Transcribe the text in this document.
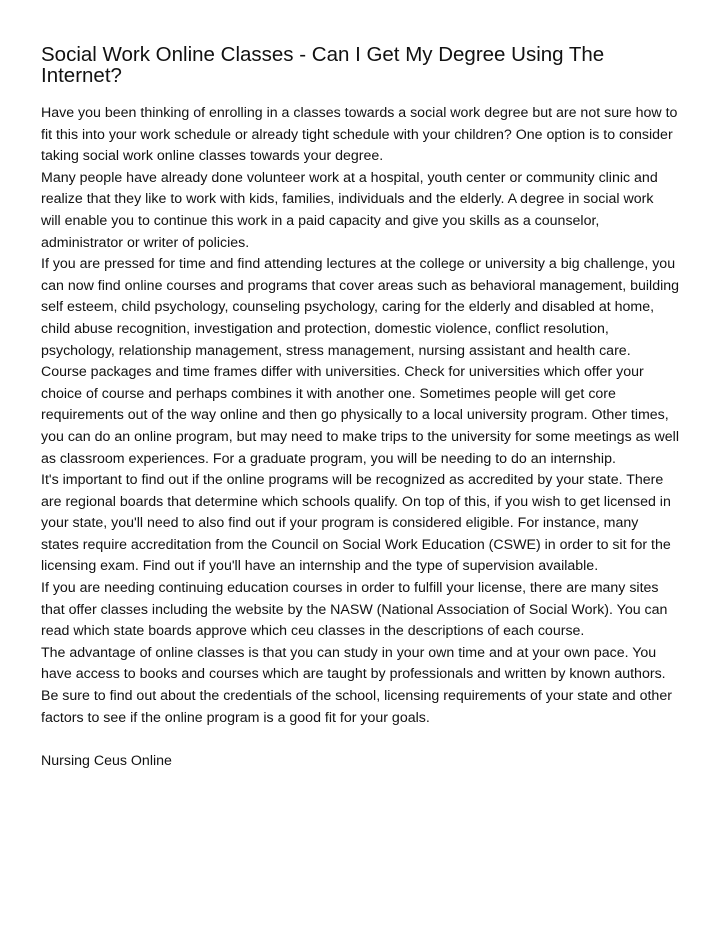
Social Work Online Classes - Can I Get My Degree Using The
Internet?
Have you been thinking of enrolling in a classes towards a social work degree but are not sure how to
fit this into your work schedule or already tight schedule with your children? One option is to consider
taking social work online classes towards your degree.
Many people have already done volunteer work at a hospital, youth center or community clinic and
realize that they like to work with kids, families, individuals and the elderly. A degree in social work
will enable you to continue this work in a paid capacity and give you skills as a counselor,
administrator or writer of policies.
If you are pressed for time and find attending lectures at the college or university a big challenge, you
can now find online courses and programs that cover areas such as behavioral management, building
self esteem, child psychology, counseling psychology, caring for the elderly and disabled at home,
child abuse recognition, investigation and protection, domestic violence, conflict resolution,
psychology, relationship management, stress management, nursing assistant and health care.
Course packages and time frames differ with universities. Check for universities which offer your
choice of course and perhaps combines it with another one. Sometimes people will get core
requirements out of the way online and then go physically to a local university program. Other times,
you can do an online program, but may need to make trips to the university for some meetings as well
as classroom experiences. For a graduate program, you will be needing to do an internship.
It's important to find out if the online programs will be recognized as accredited by your state. There
are regional boards that determine which schools qualify. On top of this, if you wish to get licensed in
your state, you'll need to also find out if your program is considered eligible. For instance, many
states require accreditation from the Council on Social Work Education (CSWE) in order to sit for the
licensing exam. Find out if you'll have an internship and the type of supervision available.
If you are needing continuing education courses in order to fulfill your license, there are many sites
that offer classes including the website by the NASW (National Association of Social Work). You can
read which state boards approve which ceu classes in the descriptions of each course.
The advantage of online classes is that you can study in your own time and at your own pace. You
have access to books and courses which are taught by professionals and written by known authors.
Be sure to find out about the credentials of the school, licensing requirements of your state and other
factors to see if the online program is a good fit for your goals.
Nursing Ceus Online
